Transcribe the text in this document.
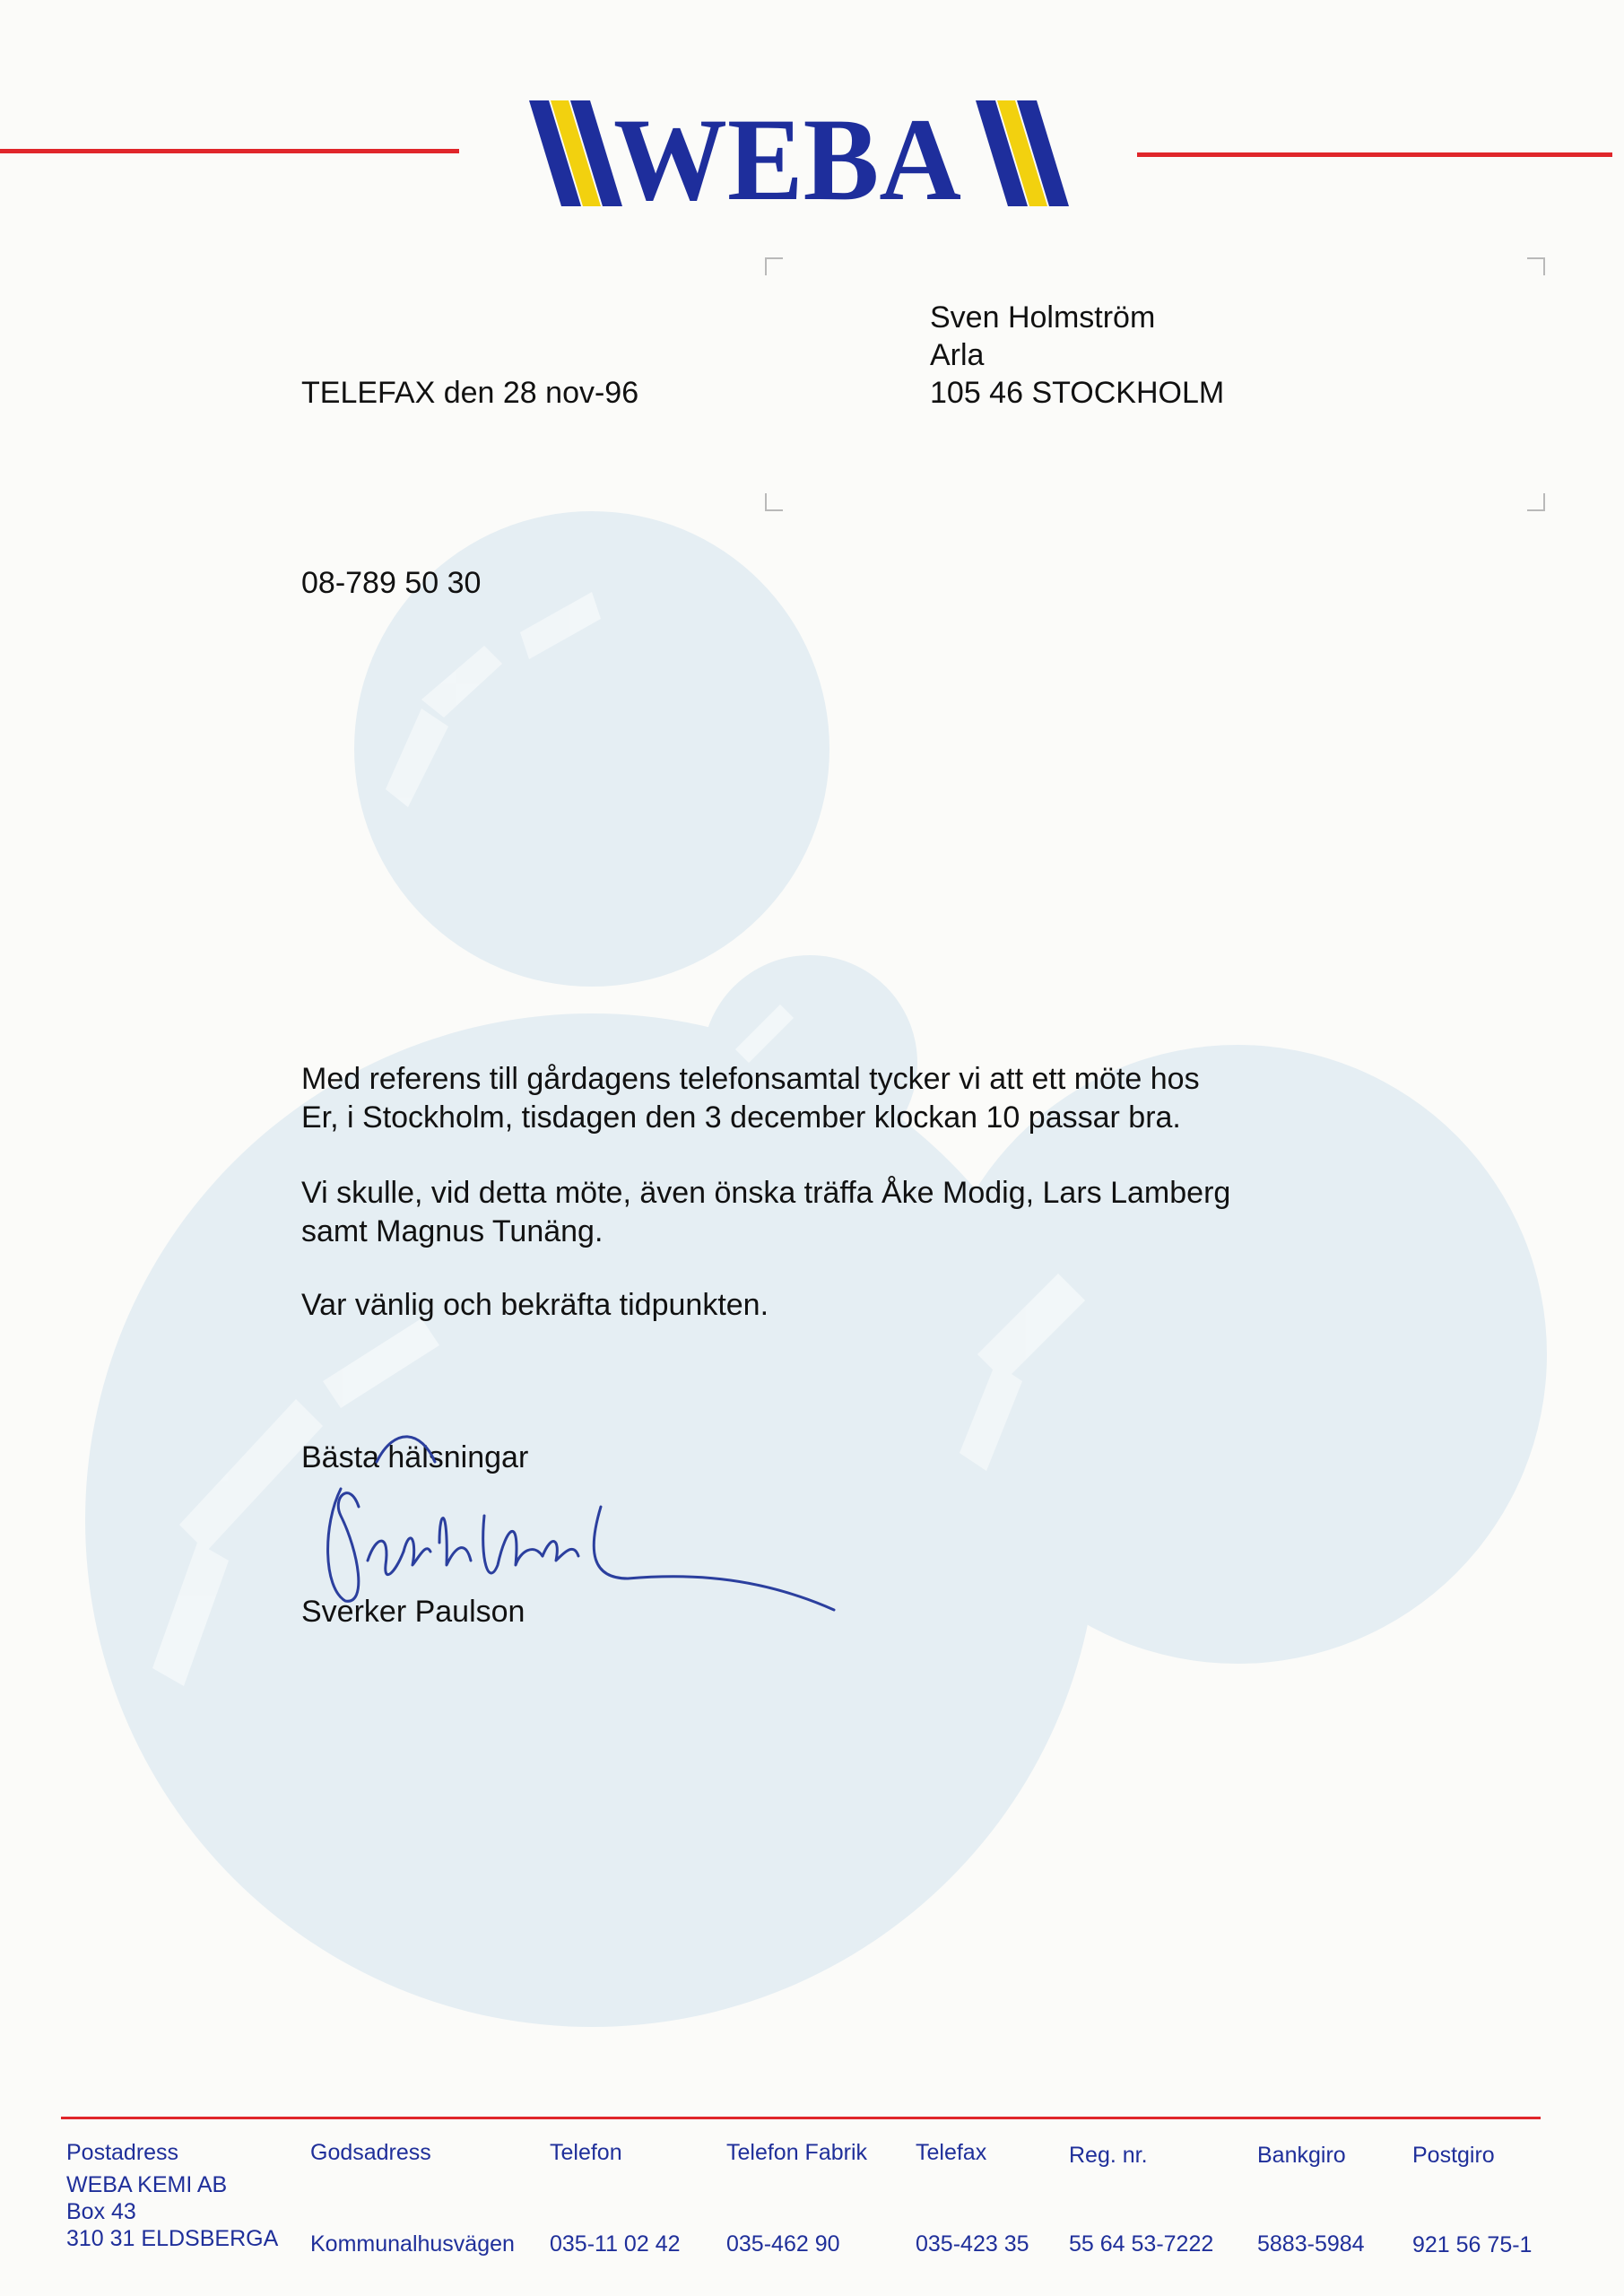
WEBA
TELEFAX den 28 nov-96
Sven Holmström
Arla
105 46 STOCKHOLM
08-789 50 30
Med referens till gårdagens telefonsamtal tycker vi att ett möte hos
Er, i Stockholm, tisdagen den 3 december klockan 10 passar bra.
Vi skulle, vid detta möte, även önska träffa Åke Modig, Lars Lamberg
samt Magnus Tunäng.
Var vänlig och bekräfta tidpunkten.
Bästa hälsningar
Sverker Paulson
Postadress
WEBA KEMI AB
Box 43
310 31 ELDSBERGA
Godsadress
Kommunalhusvägen
Telefon
035-11 02 42
Telefon Fabrik
035-462 90
Telefax
035-423 35
Reg. nr.
55 64 53-7222
Bankgiro
5883-5984
Postgiro
921 56 75-1
